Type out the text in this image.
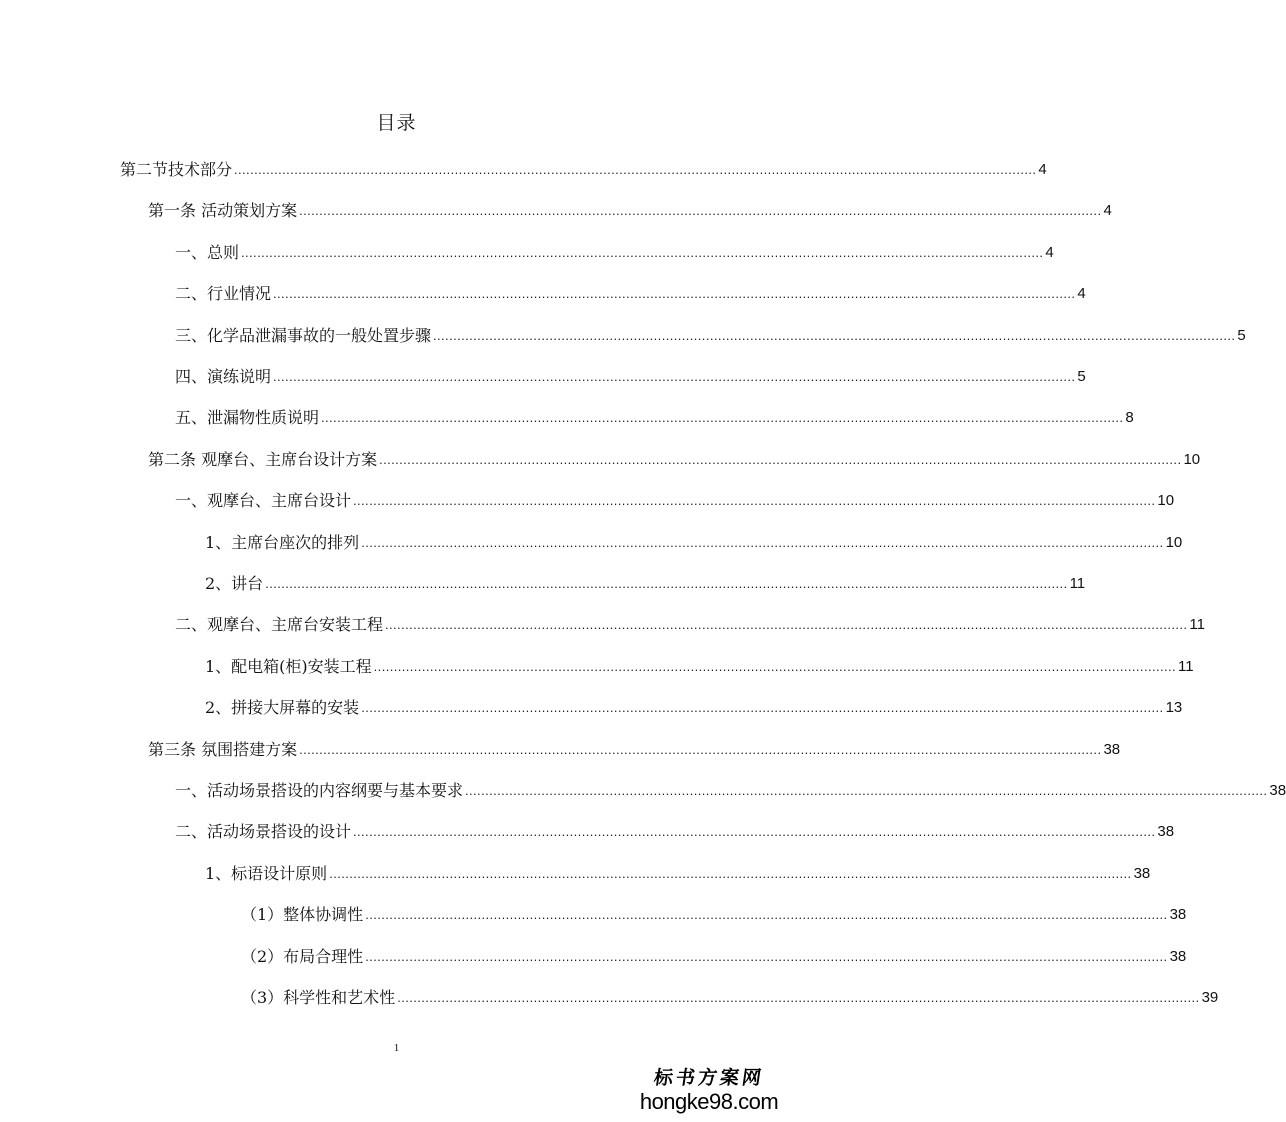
目录
第二节技术部分 ........................................................................................................................................................................................................ 4
第一条 活动策划方案 ........................................................................................................................................................................................................ 4
一、总则 ........................................................................................................................................................................................................ 4
二、行业情况 ........................................................................................................................................................................................................ 4
三、化学品泄漏事故的一般处置步骤 ........................................................................................................................................................................................................ 5
四、演练说明 ........................................................................................................................................................................................................ 5
五、泄漏物性质说明 ........................................................................................................................................................................................................ 8
第二条 观摩台、主席台设计方案 ........................................................................................................................................................................................................ 10
一、观摩台、主席台设计 ........................................................................................................................................................................................................ 10
1、主席台座次的排列 ........................................................................................................................................................................................................ 10
2、讲台 ........................................................................................................................................................................................................ 11
二、观摩台、主席台安装工程 ........................................................................................................................................................................................................ 11
1、配电箱(柜)安装工程 ........................................................................................................................................................................................................ 11
2、拼接大屏幕的安装 ........................................................................................................................................................................................................ 13
第三条 氛围搭建方案 ........................................................................................................................................................................................................ 38
一、活动场景搭设的内容纲要与基本要求 ........................................................................................................................................................................................................ 38
二、活动场景搭设的设计 ........................................................................................................................................................................................................ 38
1、标语设计原则 ........................................................................................................................................................................................................ 38
（1）整体协调性 ........................................................................................................................................................................................................ 38
（2）布局合理性 ........................................................................................................................................................................................................ 38
（3）科学性和艺术性 ........................................................................................................................................................................................................ 39
1
标书方案网
hongke98.com
